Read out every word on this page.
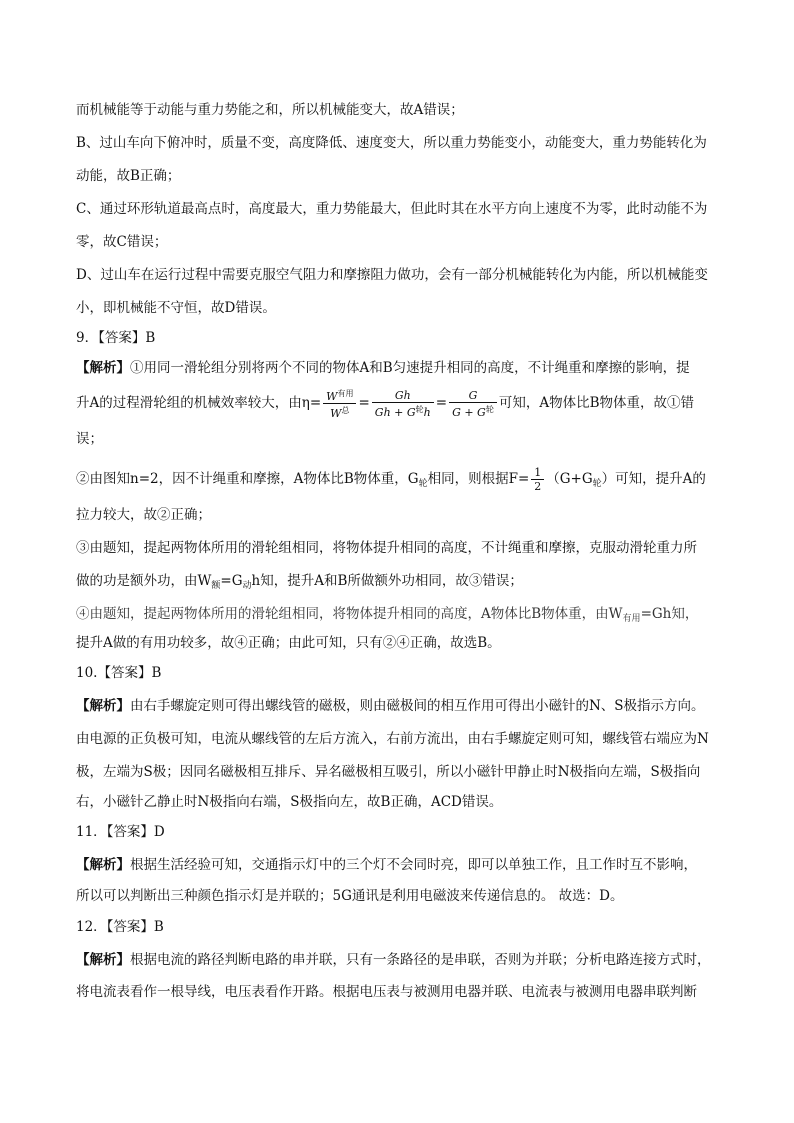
而机械能等于动能与重力势能之和，所以机械能变大，故A错误；
B、过山车向下俯冲时，质量不变，高度降低、速度变大，所以重力势能变小，动能变大，重力势能转化为
动能，故B正确；
C、通过环形轨道最高点时，高度最大，重力势能最大，但此时其在水平方向上速度不为零，此时动能不为
零，故C错误；
D、过山车在运行过程中需要克服空气阻力和摩擦阻力做功，会有一部分机械能转化为内能，所以机械能变
小，即机械能不守恒，故D错误。
9．【答案】B
【解析】①用同一滑轮组分别将两个不同的物体A和B匀速提升相同的高度，不计绳重和摩擦的影响，提
升A的过程滑轮组的机械效率较大，由$\eta= \frac{W^{有用}}{W^总} = \frac{Gh}{Gh + G^轮h} = \frac{G}{G + G^轮}$ 可知，A物体比B物体重，故①错
误；
②由图知n=2，因不计绳重和摩擦，A物体比B物体重，$G_轮$相同，则根据$F= \frac{1}{2} (G+G_轮)$可知，提升A的
拉力较大，故②正确；
③由题知，提起两物体所用的滑轮组相同，将物体提升相同的高度，不计绳重和摩擦，克服动滑轮重力所
做的功是额外功，由$W_额=G_动h$知，提升A和B所做额外功相同，故③错误；
④由题知，提起两物体所用的滑轮组相同，将物体提升相同的高度，A物体比B物体重，由$W_{有用}=Gh$知，
提升A做的有用功较多，故④正确；由此可知，只有②④正确，故选B。
10.【答案】B
【解析】由右手螺旋定则可得出螺线管的磁极，则由磁极间的相互作用可得出小磁针的N、S极指示方向。
由电源的正负极可知，电流从螺线管的左后方流入，右前方流出，由右手螺旋定则可知，螺线管右端应为N
极，左端为S极；因同名磁极相互排斥、异名磁极相互吸引，所以小磁针甲静止时N极指向左端，S极指向
右，小磁针乙静止时N极指向右端，S极指向左，故B正确，ACD错误。
11．【答案】D
【解析】根据生活经验可知，交通指示灯中的三个灯不会同时亮，即可以单独工作，且工作时互不影响，
所以可以判断出三种颜色指示灯是并联的；5G通讯是利用电磁波来传递信息的。 故选：D。
12．【答案】B
【解析】根据电流的路径判断电路的串并联，只有一条路径的是串联，否则为并联；分析电路连接方式时，
将电流表看作一根导线，电压表看作开路。根据电压表与被测用电器并联、电流表与被测用电器串联判断
